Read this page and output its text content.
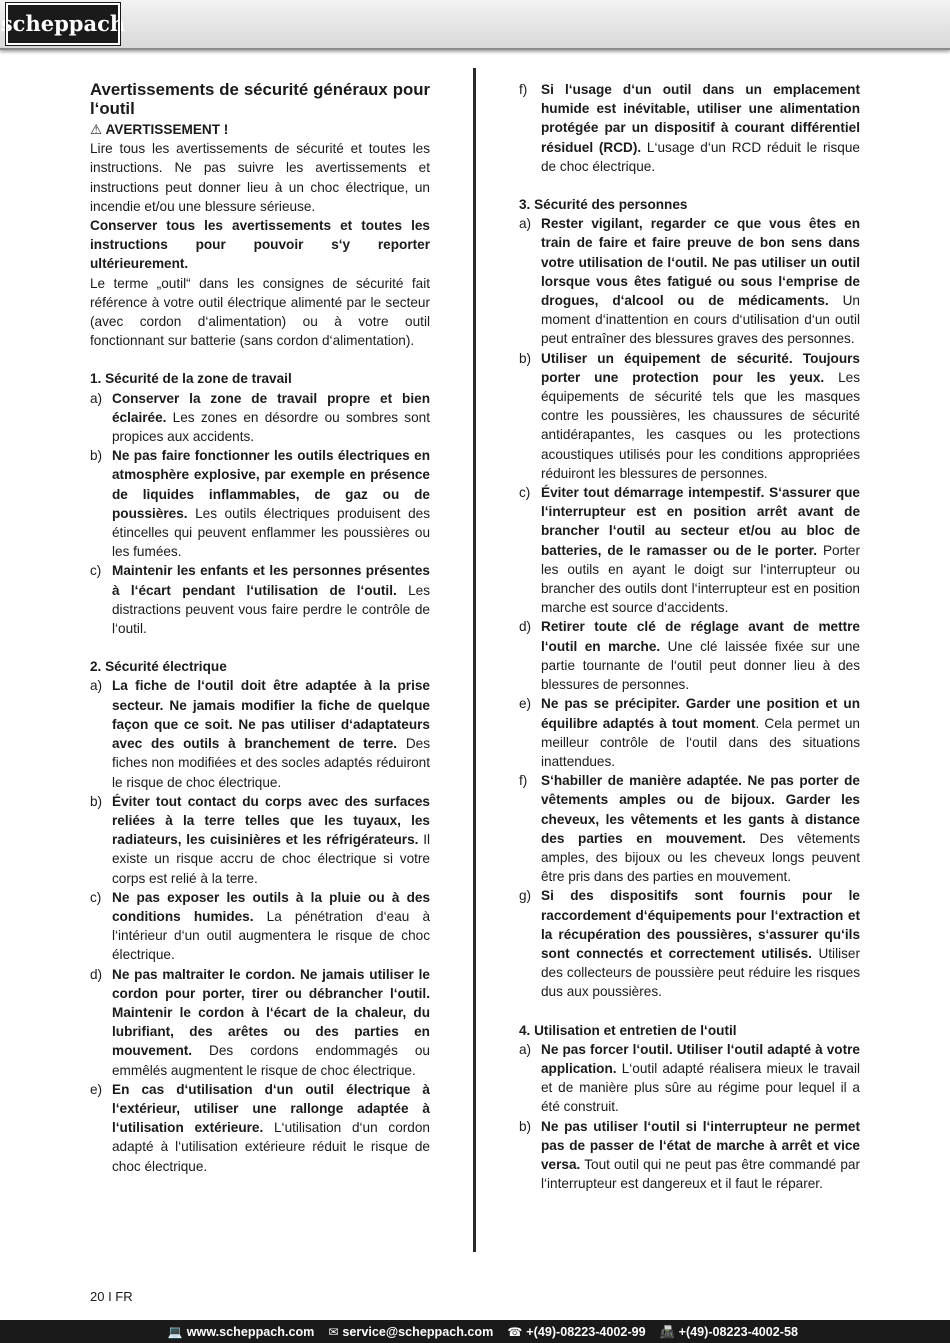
scheppach
Avertissements de sécurité généraux pour l‘outil
⚠ AVERTISSEMENT !

Lire tous les avertissements de sécurité et toutes les instructions. Ne pas suivre les avertissements et instructions peut donner lieu à un choc électrique, un incendie et/ou une blessure sérieuse.

Conserver tous les avertissements et toutes les instructions pour pouvoir s‘y reporter ultérieurement.

Le terme „outil“ dans les consignes de sécurité fait référence à votre outil électrique alimenté par le secteur (avec cordon d‘alimentation) ou à votre outil fonctionnant sur batterie (sans cordon d‘alimentation).

1. Sécurité de la zone de travail
a) Conserver la zone de travail propre et bien éclairée. Les zones en désordre ou sombres sont propices aux accidents.
b) Ne pas faire fonctionner les outils électriques en atmosphère explosive, par exemple en présence de liquides inflammables, de gaz ou de poussières. Les outils électriques produisent des étincelles qui peuvent enflammer les poussières ou les fumées.
c) Maintenir les enfants et les personnes présentes à l‘écart pendant l‘utilisation de l‘outil. Les distractions peuvent vous faire perdre le contrôle de l‘outil.
2. Sécurité électrique
a) La fiche de l‘outil doit être adaptée à la prise secteur. Ne jamais modifier la fiche de quelque façon que ce soit. Ne pas utiliser d‘adaptateurs avec des outils à branchement de terre. Des fiches non modifiées et des socles adaptés réduiront le risque de choc électrique.
b) Éviter tout contact du corps avec des surfaces reliées à la terre telles que les tuyaux, les radiateurs, les cuisinières et les réfrigérateurs. Il existe un risque accru de choc électrique si votre corps est relié à la terre.
c) Ne pas exposer les outils à la pluie ou à des conditions humides. La pénétration d‘eau à l‘intérieur d‘un outil augmentera le risque de choc électrique.
d) Ne pas maltraiter le cordon. Ne jamais utiliser le cordon pour porter, tirer ou débrancher l‘outil. Maintenir le cordon à l‘écart de la chaleur, du lubrifiant, des arêtes ou des parties en mouvement. Des cordons endommagés ou emmêlés augmentent le risque de choc électrique.
e) En cas d‘utilisation d‘un outil électrique à l‘extérieur, utiliser une rallonge adaptée à l‘utilisation extérieure. L‘utilisation d‘un cordon adapté à l‘utilisation extérieure réduit le risque de choc électrique.
f)	Si l‘usage d‘un outil dans un emplacement humide est inévitable, utiliser une alimentation protégée par un dispositif à courant différentiel résiduel (RCD). L‘usage d‘un RCD réduit le risque de choc électrique.
3. Sécurité des personnes
a) Rester vigilant, regarder ce que vous êtes en train de faire et faire preuve de bon sens dans votre utilisation de l‘outil. Ne pas utiliser un outil lorsque vous êtes fatigué ou sous l‘emprise de drogues, d‘alcool ou de médicaments. Un moment d‘inattention en cours d‘utilisation d‘un outil peut entraîner des blessures graves des personnes.
b) Utiliser un équipement de sécurité. Toujours porter une protection pour les yeux. Les équipements de sécurité tels que les masques contre les poussières, les chaussures de sécurité antidérapantes, les casques ou les protections acoustiques utilisés pour les conditions appropriées réduiront les blessures de personnes.
c) Éviter tout démarrage intempestif. S‘assurer que l‘interrupteur est en position arrêt avant de brancher l‘outil au secteur et/ou au bloc de batteries, de le ramasser ou de le porter. Porter les outils en ayant le doigt sur l‘interrupteur ou brancher des outils dont l‘interrupteur est en position marche est source d‘accidents.
d) Retirer toute clé de réglage avant de mettre l‘outil en marche. Une clé laissée fixée sur une partie tournante de l‘outil peut donner lieu à des blessures de personnes.
e) Ne pas se précipiter. Garder une position et un équilibre adaptés à tout moment. Cela permet un meilleur contrôle de l‘outil dans des situations inattendues.
f)	S‘habiller de manière adaptée. Ne pas porter de vêtements amples ou de bijoux. Garder les cheveux, les vêtements et les gants à distance des parties en mouvement. Des vêtements amples, des bijoux ou les cheveux longs peuvent être pris dans des parties en mouvement.
g) Si des dispositifs sont fournis pour le raccordement d‘équipements pour l‘extraction et la récupération des poussières, s‘assurer qu‘ils sont connectés et correctement utilisés. Utiliser des collecteurs de poussière peut réduire les risques dus aux poussières.
4. Utilisation et entretien de l‘outil
a) Ne pas forcer l‘outil. Utiliser l‘outil adapté à votre application. L‘outil adapté réalisera mieux le travail et de manière plus sûre au régime pour lequel il a été construit.
b) Ne pas utiliser l‘outil si l‘interrupteur ne permet pas de passer de l‘état de marche à arrêt et vice versa. Tout outil qui ne peut pas être commandé par l‘interrupteur est dangereux et il faut le réparer.
20 I FR
💻 www.scheppach.com ✉ service@scheppach.com ☎ +(49)-08223-4002-99 📠 +(49)-08223-4002-58
